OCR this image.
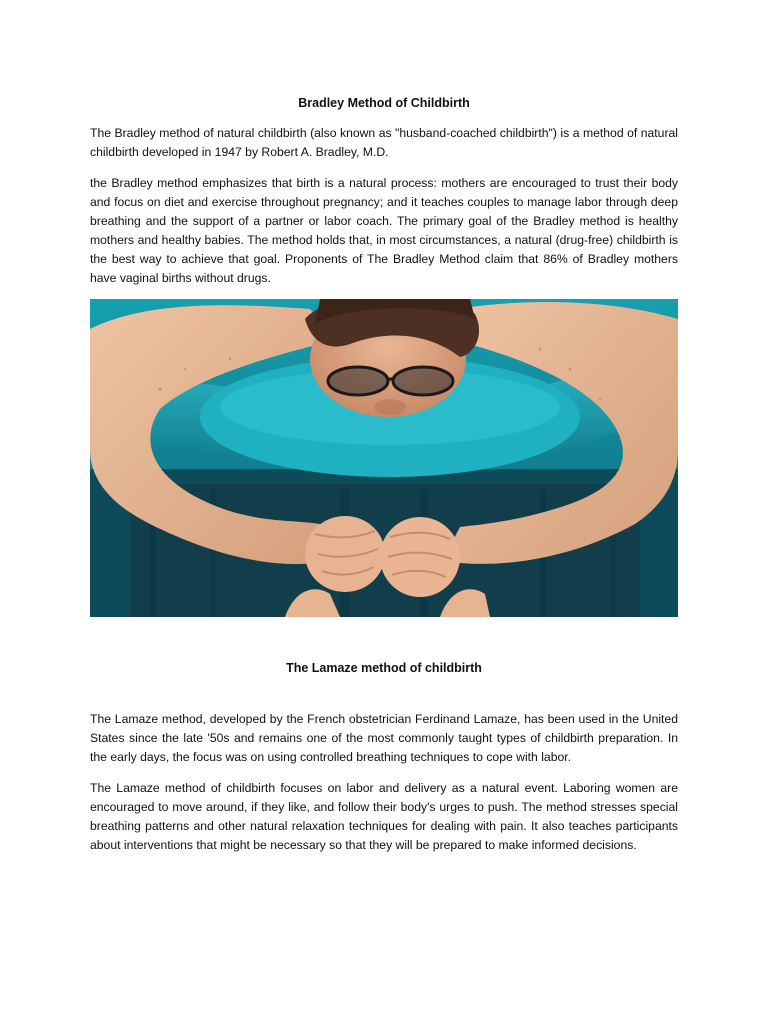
Bradley Method of Childbirth

The Bradley method of natural childbirth (also known as "husband-coached childbirth") is a method of natural childbirth developed in 1947 by Robert A. Bradley, M.D.

the Bradley method emphasizes that birth is a natural process: mothers are encouraged to trust their body and focus on diet and exercise throughout pregnancy; and it teaches couples to manage labor through deep breathing and the support of a partner or labor coach. The primary goal of the Bradley method is healthy mothers and healthy babies. The method holds that, in most circumstances, a natural (drug-free) childbirth is the best way to achieve that goal. Proponents of The Bradley Method claim that 86% of Bradley mothers have vaginal births without drugs.

The Lamaze method of childbirth

The Lamaze method, developed by the French obstetrician Ferdinand Lamaze, has been used in the United States since the late '50s and remains one of the most commonly taught types of childbirth preparation. In the early days, the focus was on using controlled breathing techniques to cope with labor.

The Lamaze method of childbirth focuses on labor and delivery as a natural event. Laboring women are encouraged to move around, if they like, and follow their body's urges to push. The method stresses special breathing patterns and other natural relaxation techniques for dealing with pain. It also teaches participants about interventions that might be necessary so that they will be prepared to make informed decisions.
